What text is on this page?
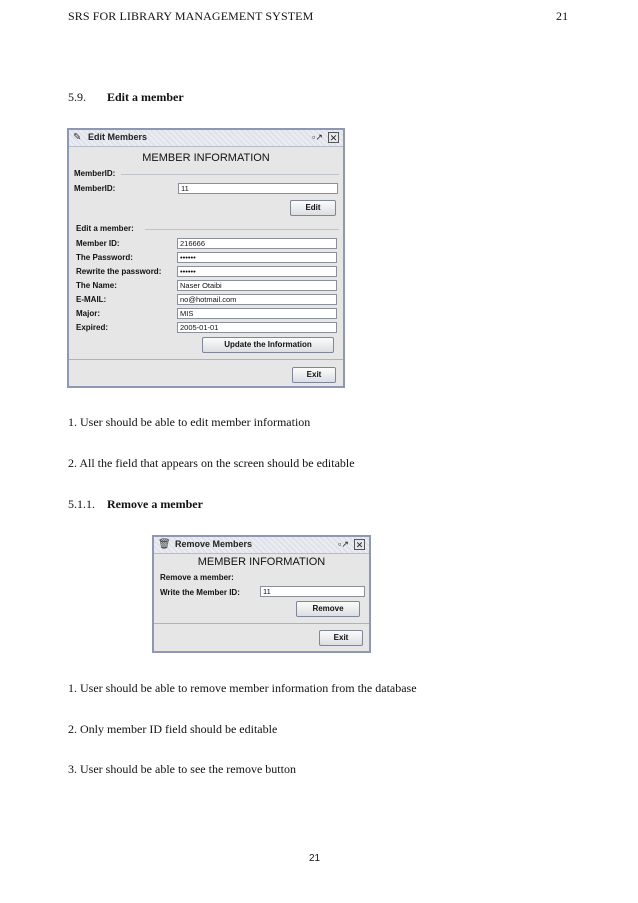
SRS FOR LIBRARY MANAGEMENT SYSTEM	21
5.9. Edit a member
✎ Edit Members	▫↗ ✕
MEMBER INFORMATION
MemberID:
MemberID:	11
Edit
Edit a member:
Member ID:	216666
The Password:	••••••
Rewrite the password:	••••••
The Name:	Naser Otaibi
E-MAIL:	no@hotmail.com
Major:	MIS
Expired:	2005-01-01
Update the Information
Exit
1. User should be able to edit member information
2. All the field that appears on the screen should be editable
5.1.1. Remove a member
🗑 Remove Members	▫↗ ✕
MEMBER INFORMATION
Remove a member:
Write the Member ID:	11
Remove
Exit
1. User should be able to remove member information from the database
2. Only member ID field should be editable
3. User should be able to see the remove button
21
